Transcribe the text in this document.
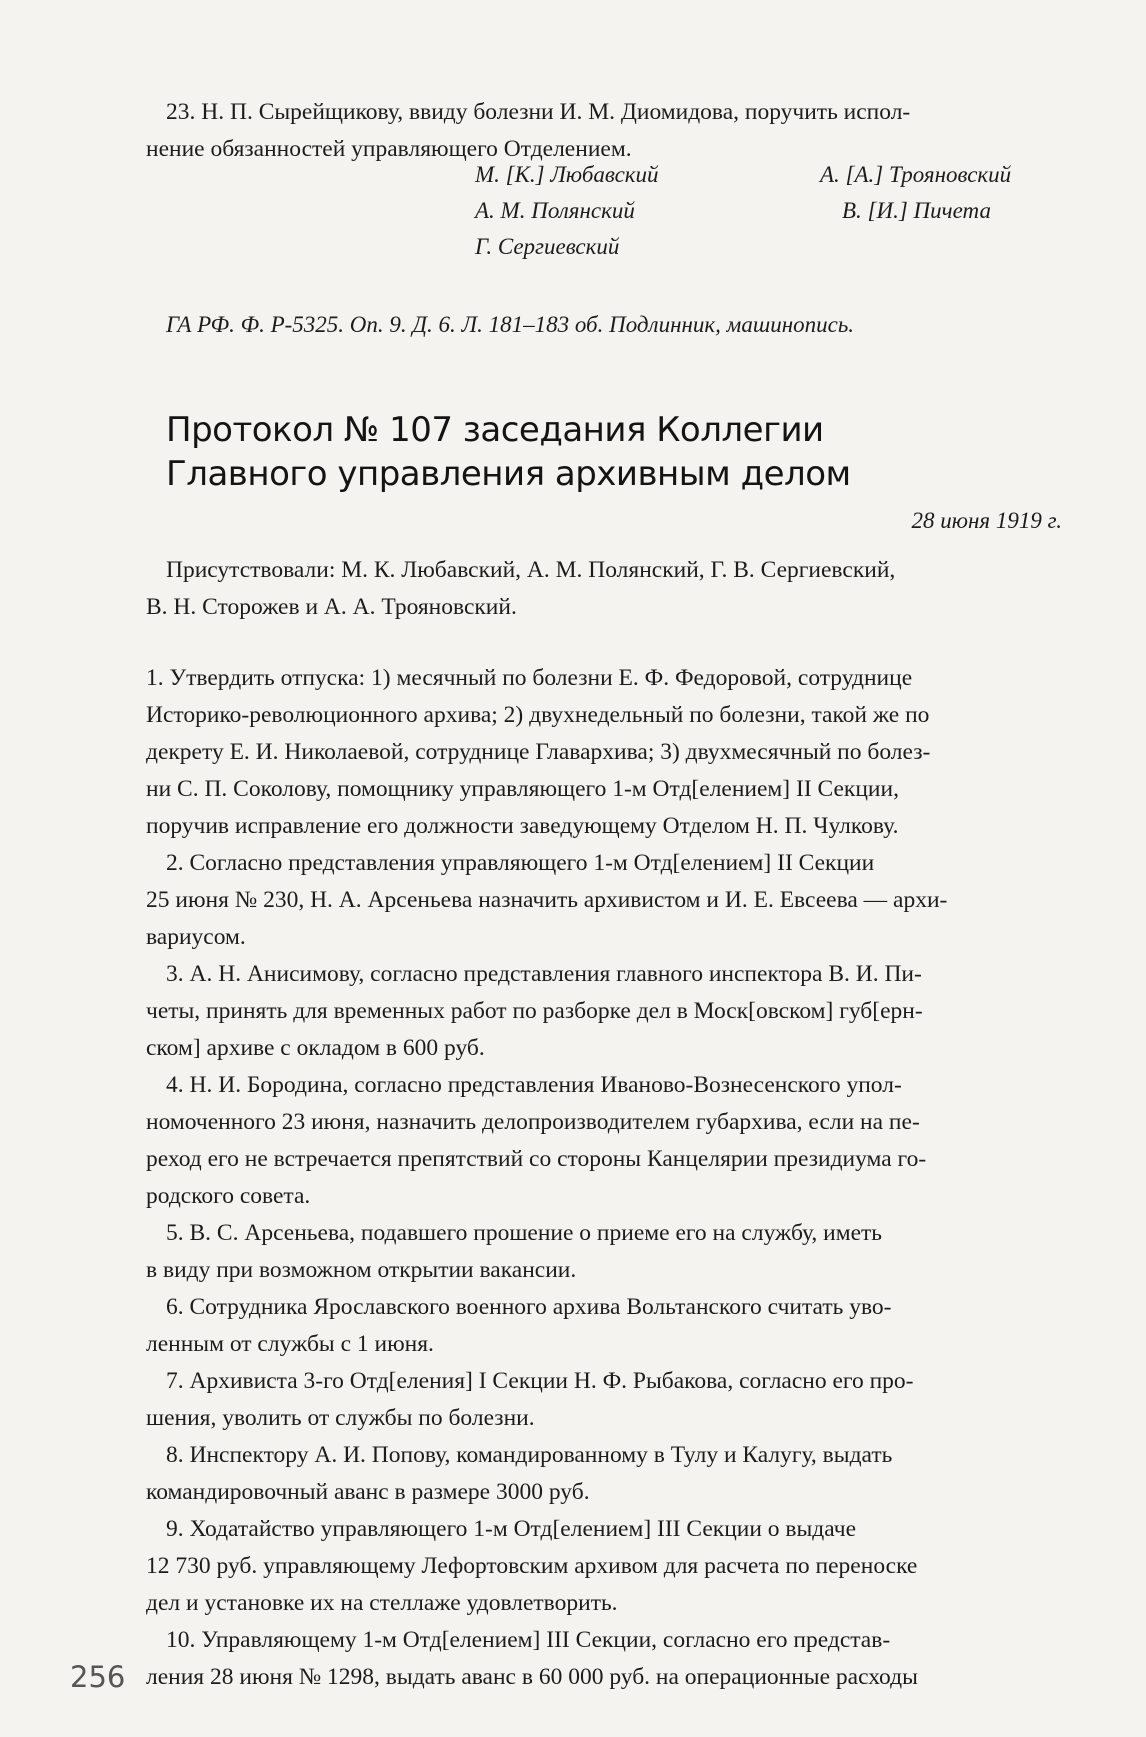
23. Н. П. Сырейщикову, ввиду болезни И. М. Диомидова, поручить испол-
нение обязанностей управляющего Отделением.
М. [К.] Любавский	А. [А.] Трояновский
А. М. Полянский	В. [И.] Пичета
Г. Сергиевский
ГА РФ. Ф. Р-5325. Оп. 9. Д. 6. Л. 181–183 об. Подлинник, машинопись.
Протокол № 107 заседания Коллегии
Главного управления архивным делом
28 июня 1919 г.
Присутствовали: М. К. Любавский, А. М. Полянский, Г. В. Сергиевский,
В. Н. Сторожев и А. А. Трояновский.
1. Утвердить отпуска: 1) месячный по болезни Е. Ф. Федоровой, сотруднице
Историко-революционного архива; 2) двухнедельный по болезни, такой же по
декрету Е. И. Николаевой, сотруднице Главархива; 3) двухмесячный по болез-
ни С. П. Соколову, помощнику управляющего 1-м Отд[елением] II Секции,
поручив исправление его должности заведующему Отделом Н. П. Чулкову.
2. Согласно представления управляющего 1-м Отд[елением] II Секции
25 июня № 230, Н. А. Арсеньева назначить архивистом и И. Е. Евсеева — архи-
вариусом.
3. А. Н. Анисимову, согласно представления главного инспектора В. И. Пи-
четы, принять для временных работ по разборке дел в Моск[овском] губ[ерн-
ском] архиве с окладом в 600 руб.
4. Н. И. Бородина, согласно представления Иваново-Вознесенского упол-
номоченного 23 июня, назначить делопроизводителем губархива, если на пе-
реход его не встречается препятствий со стороны Канцелярии президиума го-
родского совета.
5. В. С. Арсеньева, подавшего прошение о приеме его на службу, иметь
в виду при возможном открытии вакансии.
6. Сотрудника Ярославского военного архива Вольтанского считать уво-
ленным от службы с 1 июня.
7. Архивиста 3-го Отд[еления] I Секции Н. Ф. Рыбакова, согласно его про-
шения, уволить от службы по болезни.
8. Инспектору А. И. Попову, командированному в Тулу и Калугу, выдать
командировочный аванс в размере 3000 руб.
9. Ходатайство управляющего 1-м Отд[елением] III Секции о выдаче
12 730 руб. управляющему Лефортовским архивом для расчета по переноске
дел и установке их на стеллаже удовлетворить.
10. Управляющему 1-м Отд[елением] III Секции, согласно его представ-
ления 28 июня № 1298, выдать аванс в 60 000 руб. на операционные расходы
256
